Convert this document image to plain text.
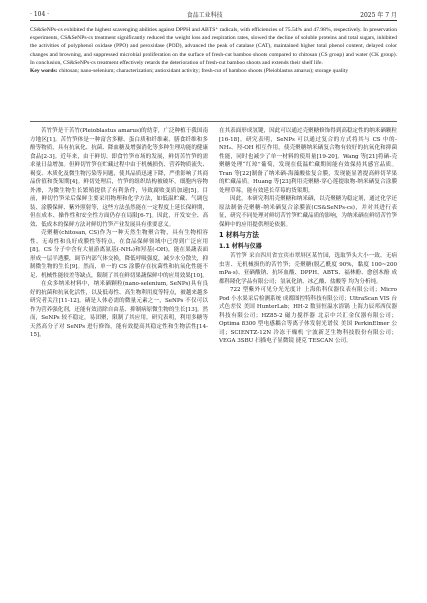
· 104 ·	食品工业科技	2025 年 7 月

CS&SeNPs-cs exhibited the highest scavenging abilities against DPPH and ABTS⁺ radicals, with efficiencies of 75.54% and 47.98%, respectively. In preservation experiments, CS&SeNPs-cs treatment significantly reduced the weight loss and respiration rates, slowed the decline of soluble proteins and total sugars, inhibited the activities of polyphenol oxidase (PPO) and peroxidase (POD), advanced the peak of catalase (CAT), maintained higher total phenol content, delayed color changes and browning, and suppressed microbial proliferation on the surface of fresh-cut bamboo shoots compared to chitosan (CS group) and water (CK group). In conclusion, CS&SeNPs-cs treatment effectively retards the deterioration of fresh-cut bamboo shoots and extends their shelf life.

Key words: chitosan; nano-selenium; characterization; antioxidant activity; fresh-cut of bamboo shoots (Pleioblastus amarus); storage quality

苦竹笋是干苦竹(Pleioblastus amarus)的幼芽，广泛种植于我国南方地区[1]。苦竹笋体是一种富含多糖、蛋白质和纤维素、膳食纤维和多酚等物质，具有抗氧化、抗菌、降血糖及增强消化等多种生理功能的健康食品[2-3]。近年来，由于鲜切、即食竹笋市场的发展，鲜切苦竹笋的需求量日益增加。但鲜切竹笋在贮藏过程中由于机械损伤、营养物质流失、褐变、木质化及微生物污染等问题，使其品质迅速下降，严重影响了其商品价值和货架期[4]。鲜切处理后，竹笋的组织结构被破坏，细胞内容物外渗，为微生物生长繁殖提供了有利条件，导致腐败变质加速[5]。目前，鲜切竹笋采后保鲜主要采用物理和化学方法，如低温贮藏、气调包装、涂膜保鲜、紫外照射等，这些方法虽然能在一定程度上延长保鲜期，但在成本、操作性和安全性方面仍存在局限[6-7]。因此，开发安全、高效、低成本的保鲜方法对鲜切竹笋产业发展具有重要意义。

壳聚糖(chitosan, CS)作为一种天然生物聚合物，具有生物相容性、无毒性和良好成膜性等特点，在食品保鲜领域中已得到广泛应用[8]。CS 分子中含有大量游离氨基(-NH₂)和羟基(-OH)，能在果蔬表面形成一层半透膜，调节内部气体交换，降低呼吸强度，减少水分散失，抑制微生物的生长[9]。然而，单一的 CS 涂膜存在抗菌性和抗氧化性能不足、机械性能较差等缺点，限制了其在鲜切果蔬保鲜中的应用效果[10]。

在众多纳米材料中，纳米硒颗粒(nano-selenium, SeNPs)具有良好的抗菌和抗氧化活性，以及低毒性、高生物利用度等特点，被越来越多研究者关注[11-12]。硒是人体必需的微量元素之一，SeNPs 不仅可以作为营养强化剂，还能有效清除自由基、抑制病原微生物的生长[13]。然而，SeNPs 较不稳定，易团聚，限制了其应用。研究表明，利用多糖等天然高分子对 SeNPs 进行修饰，能有效提高其稳定性和生物活性[14-15]。

在其表面形成氢键，因此可以通过壳聚糖修饰得到高稳定性的纳米硒颗粒[16-18]。研究表明，SeNPs 可以通过复合的方式将其与 CS 中的-NH₂、羟-OH 相互作用，使壳聚糖纳米硒复合物有较好的抗氧化和抑菌性能，同时也减少了单一材料的使用量[19-20]。Wang 等[21]将硒-壳聚糖处理“红琼”葡萄，发现在低温贮藏期间能有效保持其感官品质。Tran 等[22]制备了纳米硒-海藻酸盐复合膜，发现能显著提高鲜切苹果的贮藏品质。Huang 等[23]利用壳聚糖-穿心莲提取物-纳米硒复合涂膜处理草莓，能有效延长草莓的货架期。

因此，本研究利用壳聚糖和纳米硒，以壳聚糖为稳定剂，通过化学还原法制备壳聚糖-纳米硒复合涂膜液(CS&SeNPs-cs)，并对其进行表征，研究不同处理对鲜切苦竹笋贮藏品质的影响，为纳米硒在鲜切苦竹笋保鲜中的应用提供理论依据。

1 材料与方法
1.1 材料与仪器

苦竹笋 采自四川省宜宾市翠屏区某竹园，选取笋头大小一致、无病虫害、无机械损伤的苦竹笋；壳聚糖(脱乙酰度 90%，黏度 100~200 mPa·s)、亚硒酸钠、抗坏血酸、DPPH、ABTS、福林酚、愈创木酚 成都科隆化学品有限公司；氢氧化钠、冰乙酸、盐酸等 均为分析纯。

722 型紫外可见分光光度计 上海佑科仪器仪表有限公司；Micro Pod 小水果采后检测系统 成都图控特科技有限公司；UltraScan VIS 台式色差仪 美国 HunterLab；HH-2 数显恒温水浴锅 上海力辰邦西仪器科技有限公司；HZ85-2 磁力搅拌器 北京中兴汇金仪器有限公司；Optima 8300 型电感耦合等离子体发射光谱仪 美国 PerkinElmer 公司；SCIENTZ-12N 冷冻干燥机 宁波新芝生物科技股份有限公司；VEGA 3SBU 扫描电子显微镜 捷克 TESCAN 公司。
